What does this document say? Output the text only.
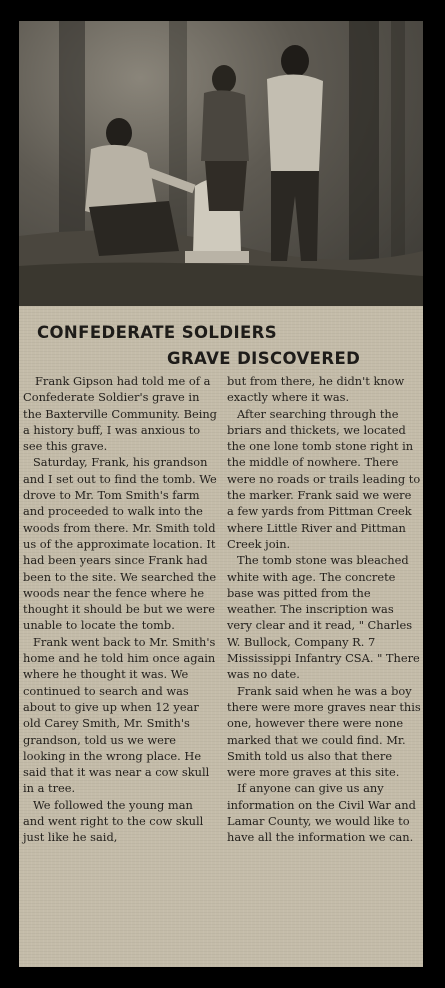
CONFEDERATE SOLDIERS
GRAVE DISCOVERED

Frank Gipson had told me of a Confederate Soldier's grave in the Baxterville Community. Being a history buff, I was anxious to see this grave.

Saturday, Frank, his grandson and I set out to find the tomb. We drove to Mr. Tom Smith's farm and proceeded to walk into the woods from there. Mr. Smith told us of the approximate location. It had been years since Frank had been to the site. We searched the woods near the fence where he thought it should be but we were unable to locate the tomb.

Frank went back to Mr. Smith's home and he told him once again where he thought it was. We continued to search and was about to give up when 12 year old Carey Smith, Mr. Smith's grandson, told us we were looking in the wrong place. He said that it was near a cow skull in a tree.

We followed the young man and went right to the cow skull just like he said,

but from there, he didn't know exactly where it was.

After searching through the briars and thickets, we located the one lone tomb stone right in the middle of nowhere. There were no roads or trails leading to the marker. Frank said we were a few yards from Pittman Creek where Little River and Pittman Creek join.

The tomb stone was bleached white with age. The concrete base was pitted from the weather. The inscription was very clear and it read, " Charles W. Bullock, Company R. 7 Mississippi Infantry CSA. " There was no date.

Frank said when he was a boy there were more graves near this one, however there were none marked that we could find. Mr. Smith told us also that there were more graves at this site.

If anyone can give us any information on the Civil War and Lamar County, we would like to have all the information we can.
